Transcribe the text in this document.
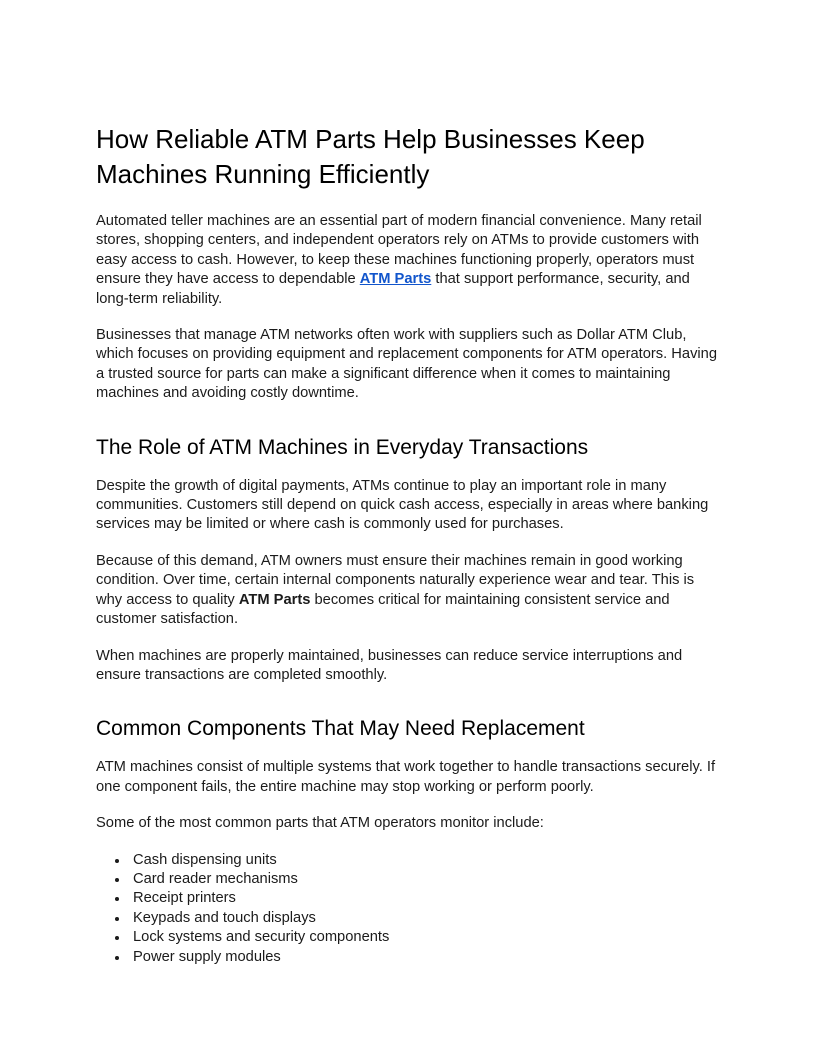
How Reliable ATM Parts Help Businesses Keep Machines Running Efficiently

Automated teller machines are an essential part of modern financial convenience. Many retail stores, shopping centers, and independent operators rely on ATMs to provide customers with easy access to cash. However, to keep these machines functioning properly, operators must ensure they have access to dependable ATM Parts that support performance, security, and long-term reliability.

Businesses that manage ATM networks often work with suppliers such as Dollar ATM Club, which focuses on providing equipment and replacement components for ATM operators. Having a trusted source for parts can make a significant difference when it comes to maintaining machines and avoiding costly downtime.

The Role of ATM Machines in Everyday Transactions

Despite the growth of digital payments, ATMs continue to play an important role in many communities. Customers still depend on quick cash access, especially in areas where banking services may be limited or where cash is commonly used for purchases.

Because of this demand, ATM owners must ensure their machines remain in good working condition. Over time, certain internal components naturally experience wear and tear. This is why access to quality ATM Parts becomes critical for maintaining consistent service and customer satisfaction.

When machines are properly maintained, businesses can reduce service interruptions and ensure transactions are completed smoothly.

Common Components That May Need Replacement

ATM machines consist of multiple systems that work together to handle transactions securely. If one component fails, the entire machine may stop working or perform poorly.

Some of the most common parts that ATM operators monitor include:

• Cash dispensing units
• Card reader mechanisms
• Receipt printers
• Keypads and touch displays
• Lock systems and security components
• Power supply modules
